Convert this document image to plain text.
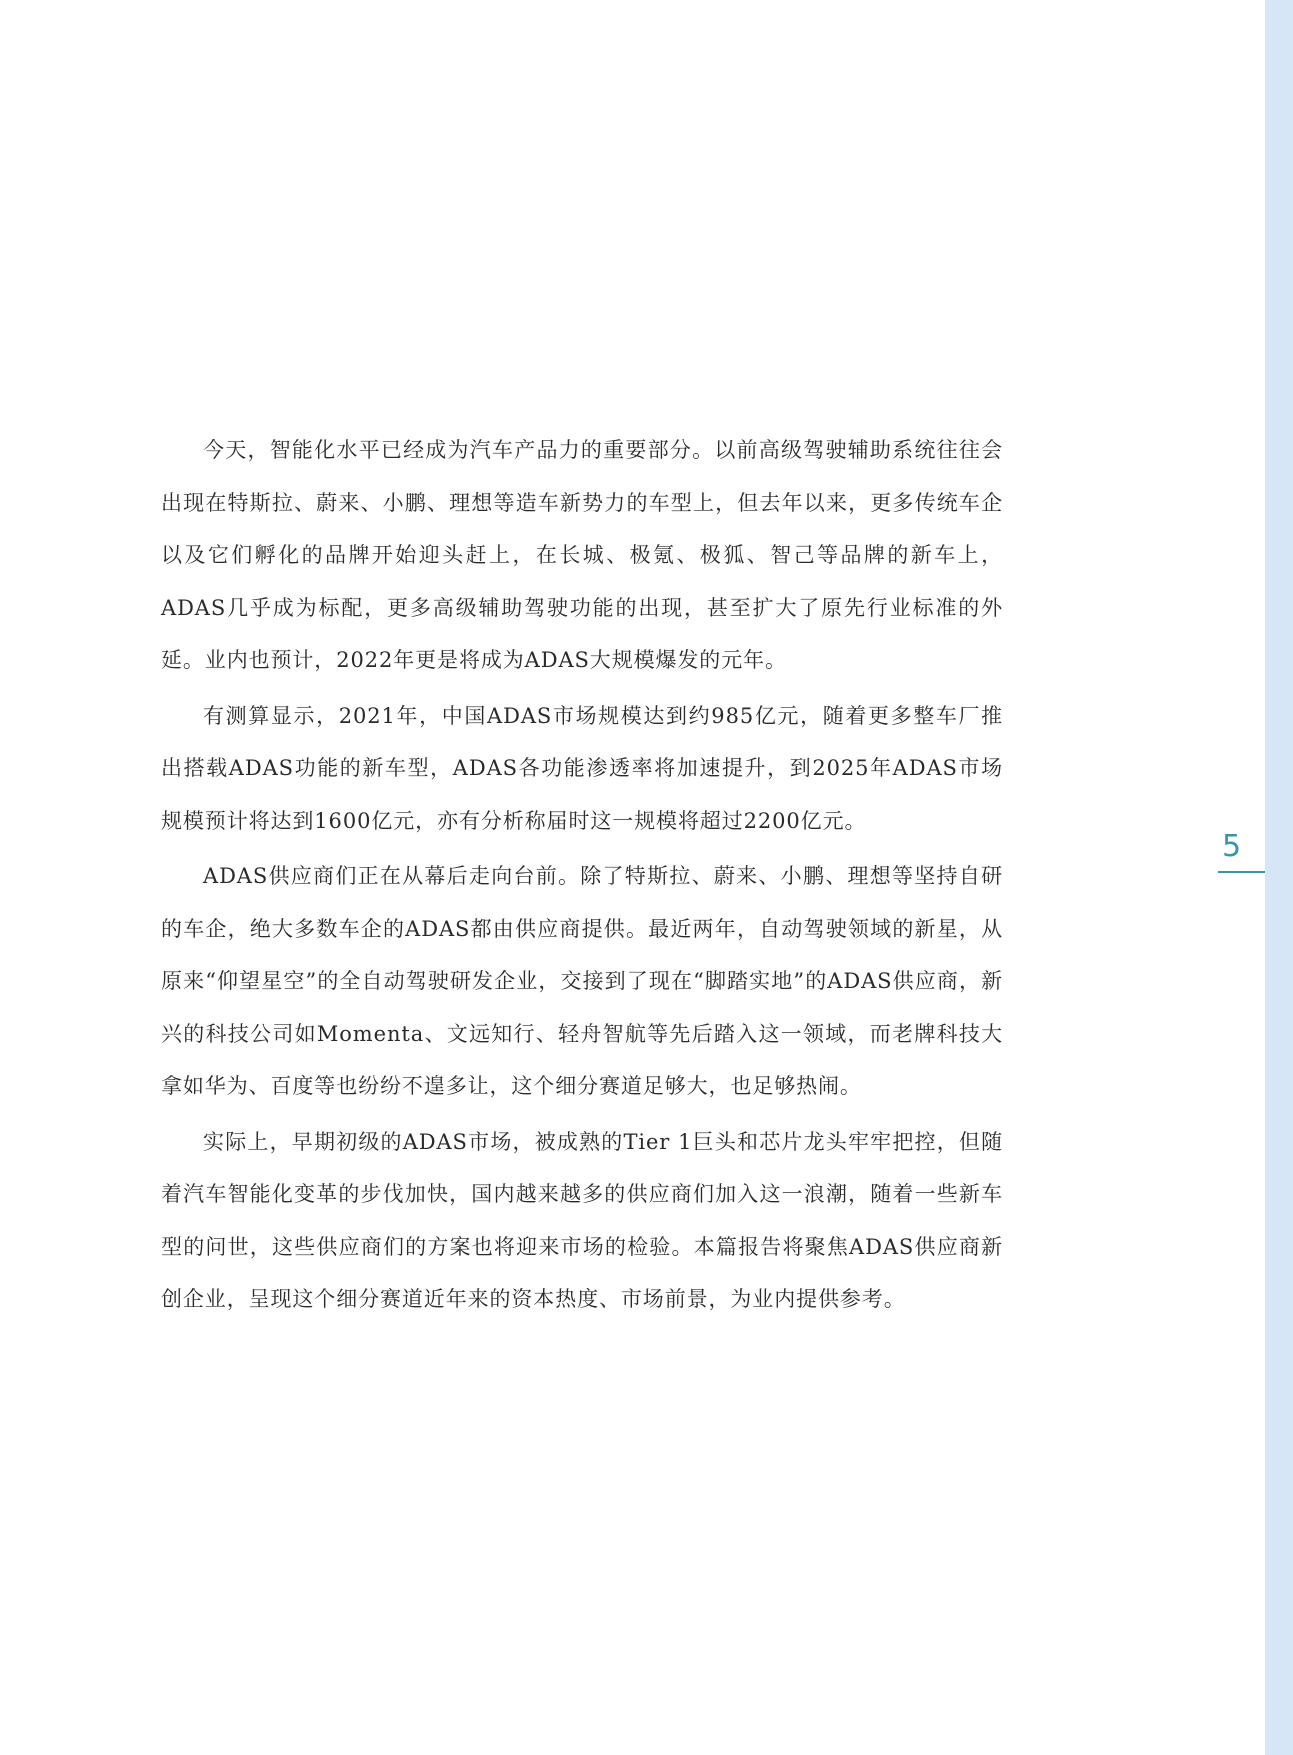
今天，智能化水平已经成为汽车产品力的重要部分。以前高级驾驶辅助系统往往会出现在特斯拉、蔚来、小鹏、理想等造车新势力的车型上，但去年以来，更多传统车企以及它们孵化的品牌开始迎头赶上，在长城、极氪、极狐、智己等品牌的新车上，ADAS几乎成为标配，更多高级辅助驾驶功能的出现，甚至扩大了原先行业标准的外延。业内也预计，2022年更是将成为ADAS大规模爆发的元年。

有测算显示，2021年，中国ADAS市场规模达到约985亿元，随着更多整车厂推出搭载ADAS功能的新车型，ADAS各功能渗透率将加速提升，到2025年ADAS市场规模预计将达到1600亿元，亦有分析称届时这一规模将超过2200亿元。

ADAS供应商们正在从幕后走向台前。除了特斯拉、蔚来、小鹏、理想等坚持自研的车企，绝大多数车企的ADAS都由供应商提供。最近两年，自动驾驶领域的新星，从原来“仰望星空”的全自动驾驶研发企业，交接到了现在“脚踏实地”的ADAS供应商，新兴的科技公司如Momenta、文远知行、轻舟智航等先后踏入这一领域，而老牌科技大拿如华为、百度等也纷纷不遑多让，这个细分赛道足够大，也足够热闹。

实际上，早期初级的ADAS市场，被成熟的Tier 1巨头和芯片龙头牢牢把控，但随着汽车智能化变革的步伐加快，国内越来越多的供应商们加入这一浪潮，随着一些新车型的问世，这些供应商们的方案也将迎来市场的检验。本篇报告将聚焦ADAS供应商新创企业，呈现这个细分赛道近年来的资本热度、市场前景，为业内提供参考。

5
